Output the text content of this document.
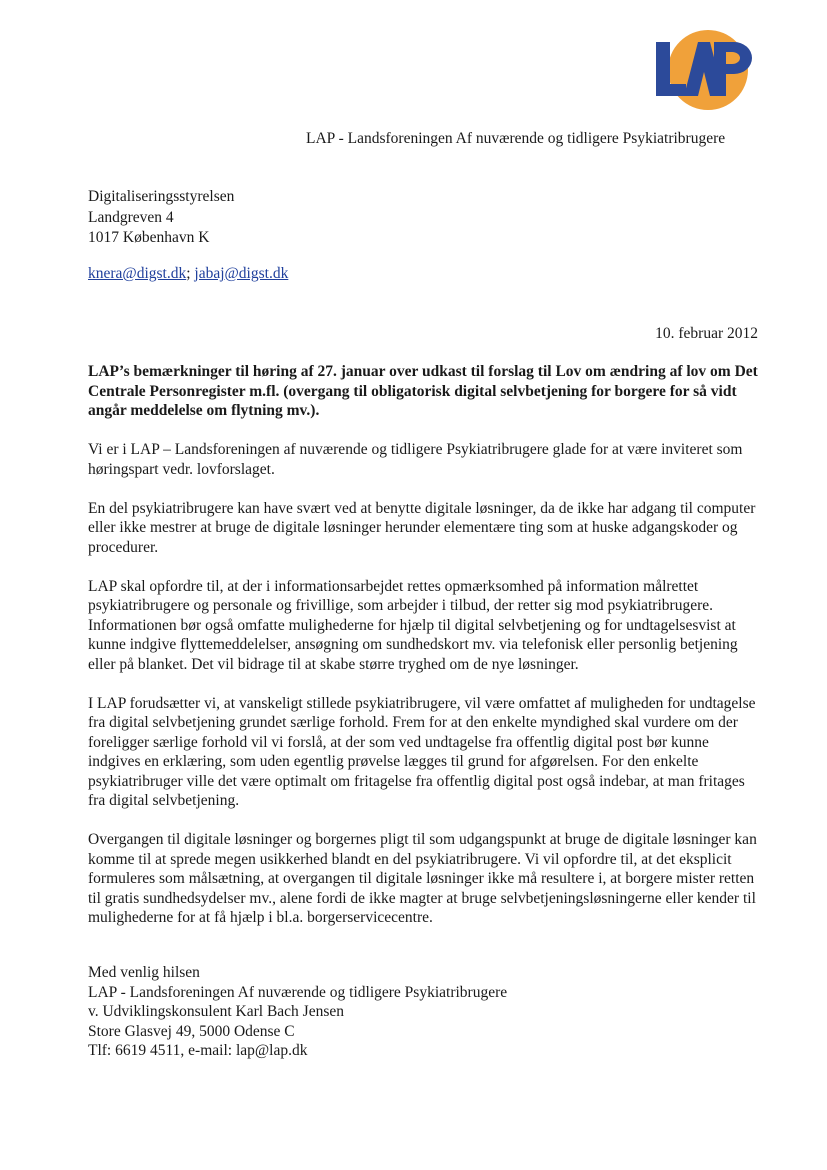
LAP - Landsforeningen Af nuværende og tidligere Psykiatribrugere
Digitaliseringsstyrelsen
Landgreven 4
1017 København K
knera@digst.dk; jabaj@digst.dk
10. februar 2012
LAP’s bemærkninger til høring af 27. januar over udkast til forslag til Lov om ændring af lov om Det Centrale Personregister m.fl. (overgang til obligatorisk digital selvbetjening for borgere for så vidt angår meddelelse om flytning mv.).

Vi er i LAP – Landsforeningen af nuværende og tidligere Psykiatribrugere glade for at være inviteret som høringspart vedr. lovforslaget.

En del psykiatribrugere kan have svært ved at benytte digitale løsninger, da de ikke har adgang til computer eller ikke mestrer at bruge de digitale løsninger herunder elementære ting som at huske adgangskoder og procedurer.

LAP skal opfordre til, at der i informationsarbejdet rettes opmærksomhed på information målrettet psykiatribrugere og personale og frivillige, som arbejder i tilbud, der retter sig mod psykiatribrugere. Informationen bør også omfatte mulighederne for hjælp til digital selvbetjening og for undtagelsesvist at kunne indgive flyttemeddelelser, ansøgning om sundhedskort mv. via telefonisk eller personlig betjening eller på blanket. Det vil bidrage til at skabe større tryghed om de nye løsninger.

I LAP forudsætter vi, at vanskeligt stillede psykiatribrugere, vil være omfattet af muligheden for undtagelse fra digital selvbetjening grundet særlige forhold. Frem for at den enkelte myndighed skal vurdere om der foreligger særlige forhold vil vi forslå, at der som ved undtagelse fra offentlig digital post bør kunne indgives en erklæring, som uden egentlig prøvelse lægges til grund for afgørelsen. For den enkelte psykiatribruger ville det være optimalt om fritagelse fra offentlig digital post også indebar, at man fritages fra digital selvbetjening.

Overgangen til digitale løsninger og borgernes pligt til som udgangspunkt at bruge de digitale løsninger kan komme til at sprede megen usikkerhed blandt en del psykiatribrugere. Vi vil opfordre til, at det eksplicit formuleres som målsætning, at overgangen til digitale løsninger ikke må resultere i, at borgere mister retten til gratis sundhedsydelser mv., alene fordi de ikke magter at bruge selvbetjeningsløsningerne eller kender til mulighederne for at få hjælp i bl.a. borgerservicecentre.

Med venlig hilsen
LAP - Landsforeningen Af nuværende og tidligere Psykiatribrugere
v. Udviklingskonsulent Karl Bach Jensen
Store Glasvej 49, 5000 Odense C
Tlf: 6619 4511, e-mail: lap@lap.dk
